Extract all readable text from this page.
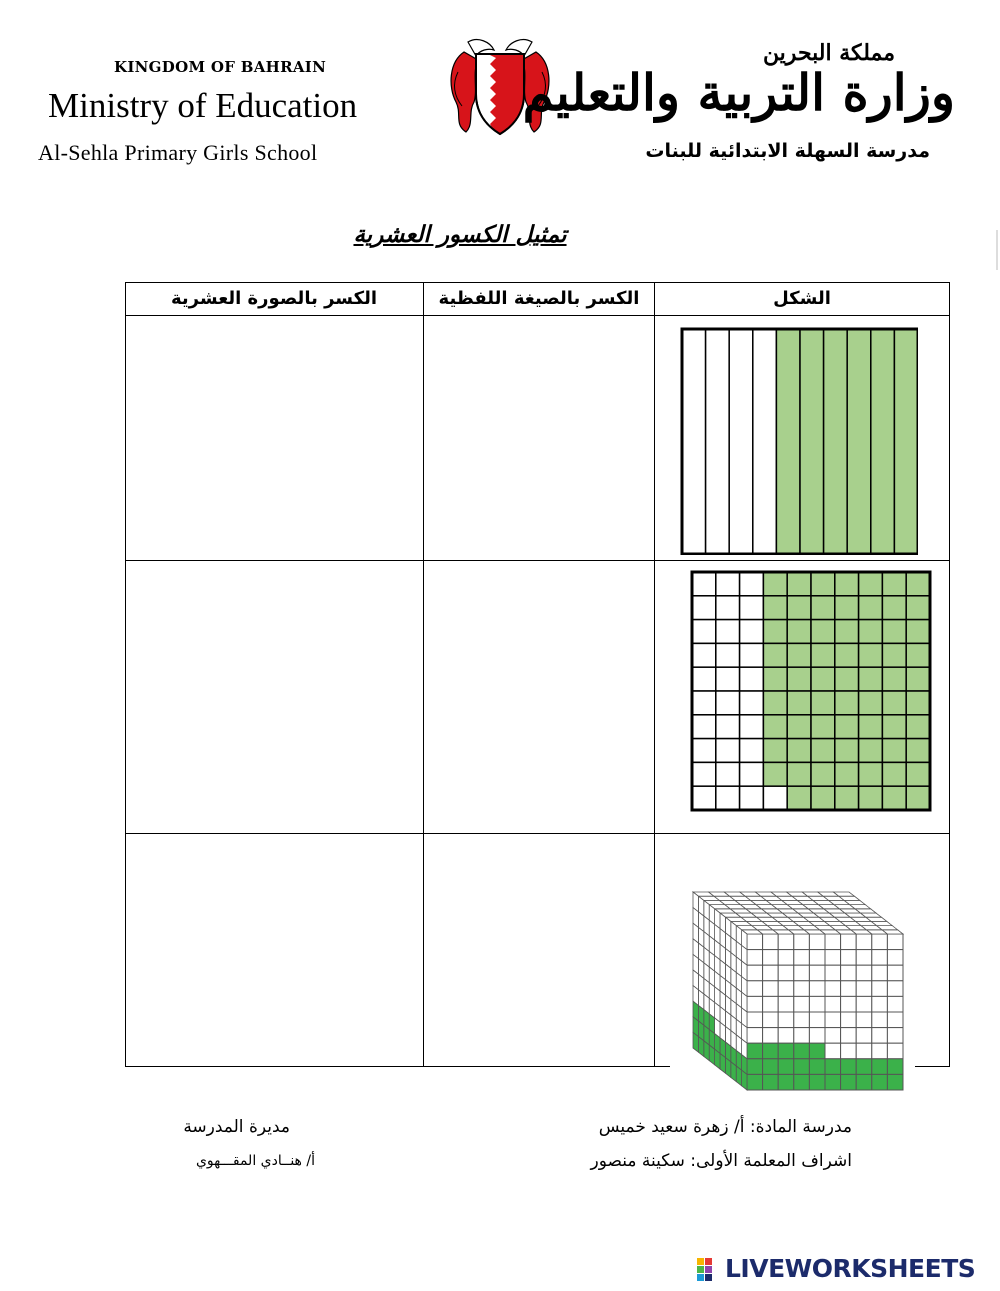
KINGDOM OF BAHRAIN
Ministry of Education
Al-Sehla Primary Girls School
مملكة البحرين
وزارة التربية والتعليم
مدرسة السهلة الابتدائية للبنات
تمثيل الكسور العشرية
الكسر بالصورة العشرية	الكسر بالصيغة اللفظية	الشكل
مدرسة المادة: أ/ زهرة سعيد خميس
اشراف المعلمة الأولى: سكينة منصور
مديرة المدرسة
أ/ هنــادي المقـــهوي
LIVEWORKSHEETS
